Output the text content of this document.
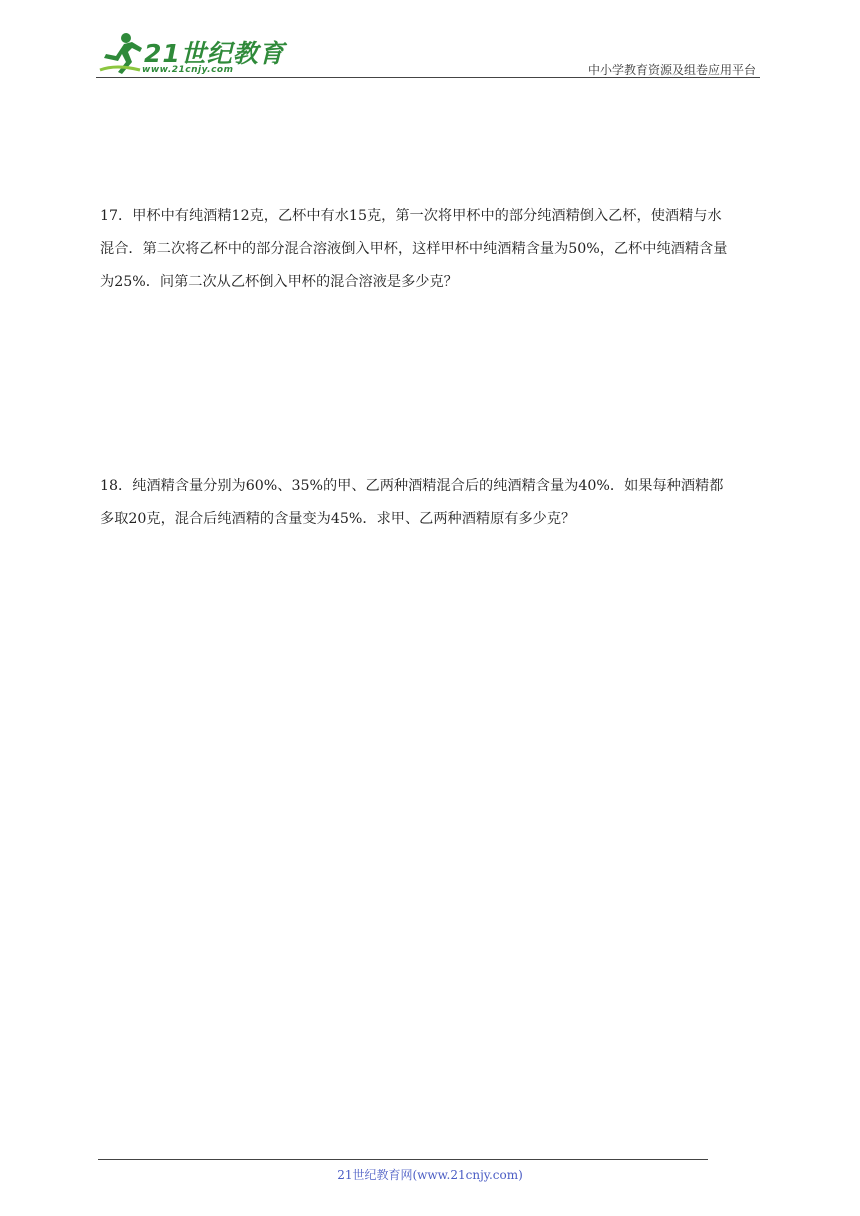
21世纪教育
www.21cnjy.com	中小学教育资源及组卷应用平台

17．甲杯中有纯酒精12克，乙杯中有水15克，第一次将甲杯中的部分纯酒精倒入乙杯，使酒精与水

混合．第二次将乙杯中的部分混合溶液倒入甲杯，这样甲杯中纯酒精含量为50%，乙杯中纯酒精含量

为25%．问第二次从乙杯倒入甲杯的混合溶液是多少克？

18．纯酒精含量分别为60%、35%的甲、乙两种酒精混合后的纯酒精含量为40%．如果每种酒精都

多取20克，混合后纯酒精的含量变为45%．求甲、乙两种酒精原有多少克？

21世纪教育网(www.21cnjy.com)
